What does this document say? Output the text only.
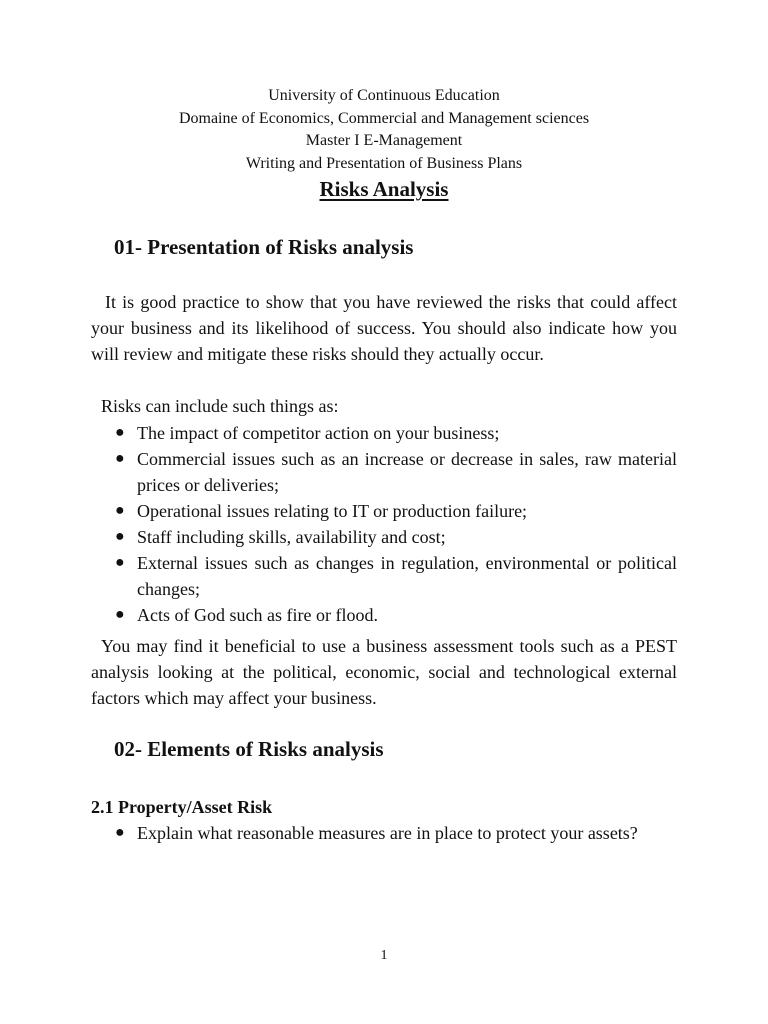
University of Continuous Education
Domaine of Economics, Commercial and Management sciences
Master I E-Management
Writing and Presentation of Business Plans
Risks Analysis
01- Presentation of Risks analysis
It is good practice to show that you have reviewed the risks that could affect your business and its likelihood of success. You should also indicate how you will review and mitigate these risks should they actually occur.
Risks can include such things as:
● The impact of competitor action on your business;
● Commercial issues such as an increase or decrease in sales, raw material prices or deliveries;
● Operational issues relating to IT or production failure;
● Staff including skills, availability and cost;
● External issues such as changes in regulation, environmental or political changes;
● Acts of God such as fire or flood.
You may find it beneficial to use a business assessment tools such as a PEST analysis looking at the political, economic, social and technological external factors which may affect your business.
02- Elements of Risks analysis
2.1 Property/Asset Risk
● Explain what reasonable measures are in place to protect your assets?
1
